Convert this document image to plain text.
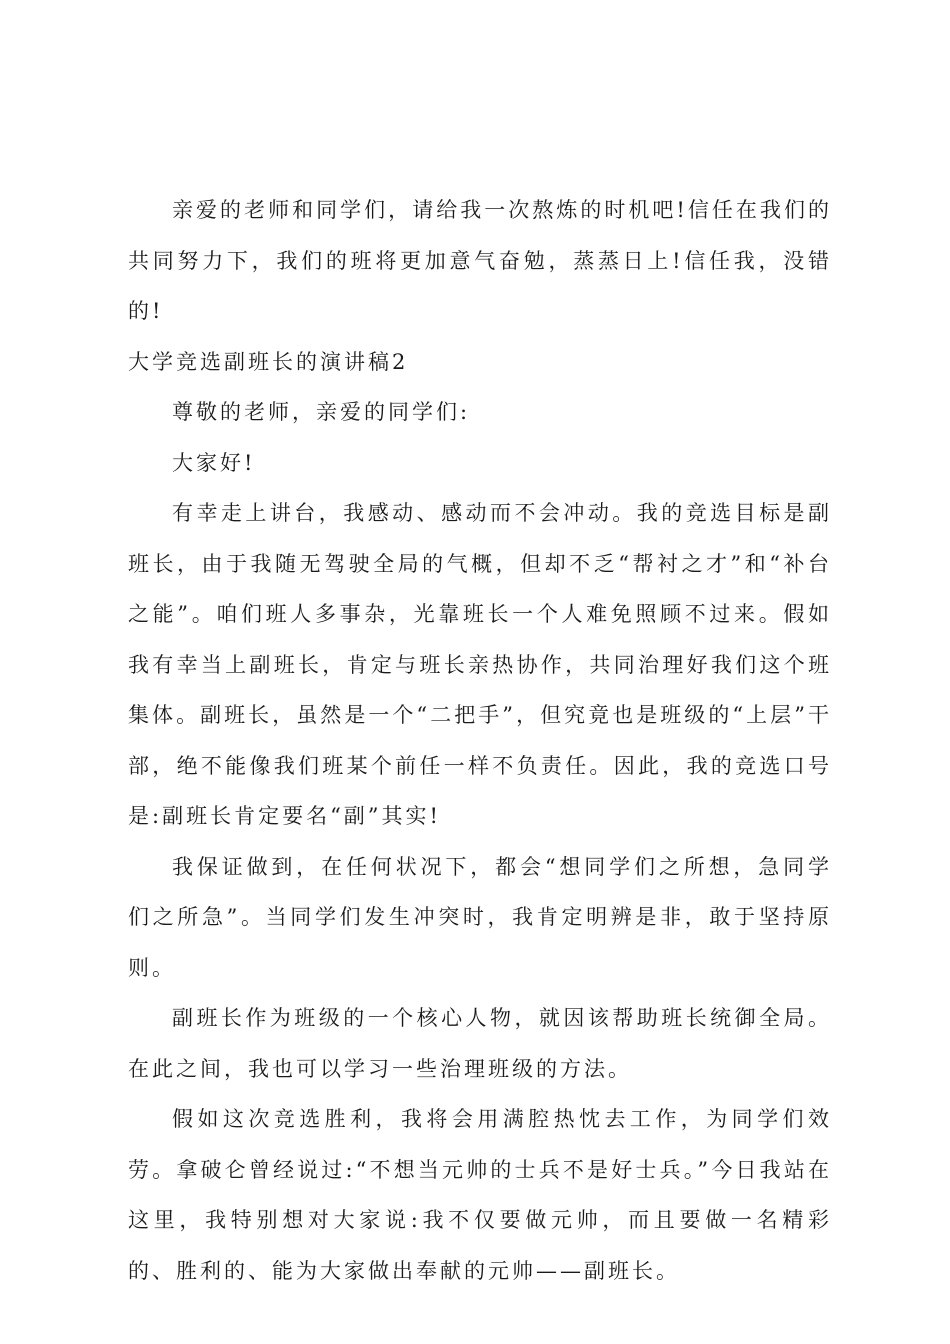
亲爱的老师和同学们，请给我一次熬炼的时机吧!信任在我们的共同努力下，我们的班将更加意气奋勉，蒸蒸日上!信任我，没错的!

大学竞选副班长的演讲稿2

尊敬的老师，亲爱的同学们:

大家好!

有幸走上讲台，我感动、感动而不会冲动。我的竞选目标是副班长，由于我随无驾驶全局的气概，但却不乏“帮衬之才”和“补台之能”。咱们班人多事杂，光靠班长一个人难免照顾不过来。假如我有幸当上副班长，肯定与班长亲热协作，共同治理好我们这个班集体。副班长，虽然是一个“二把手”，但究竟也是班级的“上层”干部，绝不能像我们班某个前任一样不负责任。因此，我的竞选口号是:副班长肯定要名“副”其实!

我保证做到，在任何状况下，都会“想同学们之所想，急同学们之所急”。当同学们发生冲突时，我肯定明辨是非，敢于坚持原则。

副班长作为班级的一个核心人物，就因该帮助班长统御全局。在此之间，我也可以学习一些治理班级的方法。

假如这次竞选胜利，我将会用满腔热忱去工作，为同学们效劳。拿破仑曾经说过:“不想当元帅的士兵不是好士兵。”今日我站在这里，我特别想对大家说:我不仅要做元帅，而且要做一名精彩的、胜利的、能为大家做出奉献的元帅——副班长。
